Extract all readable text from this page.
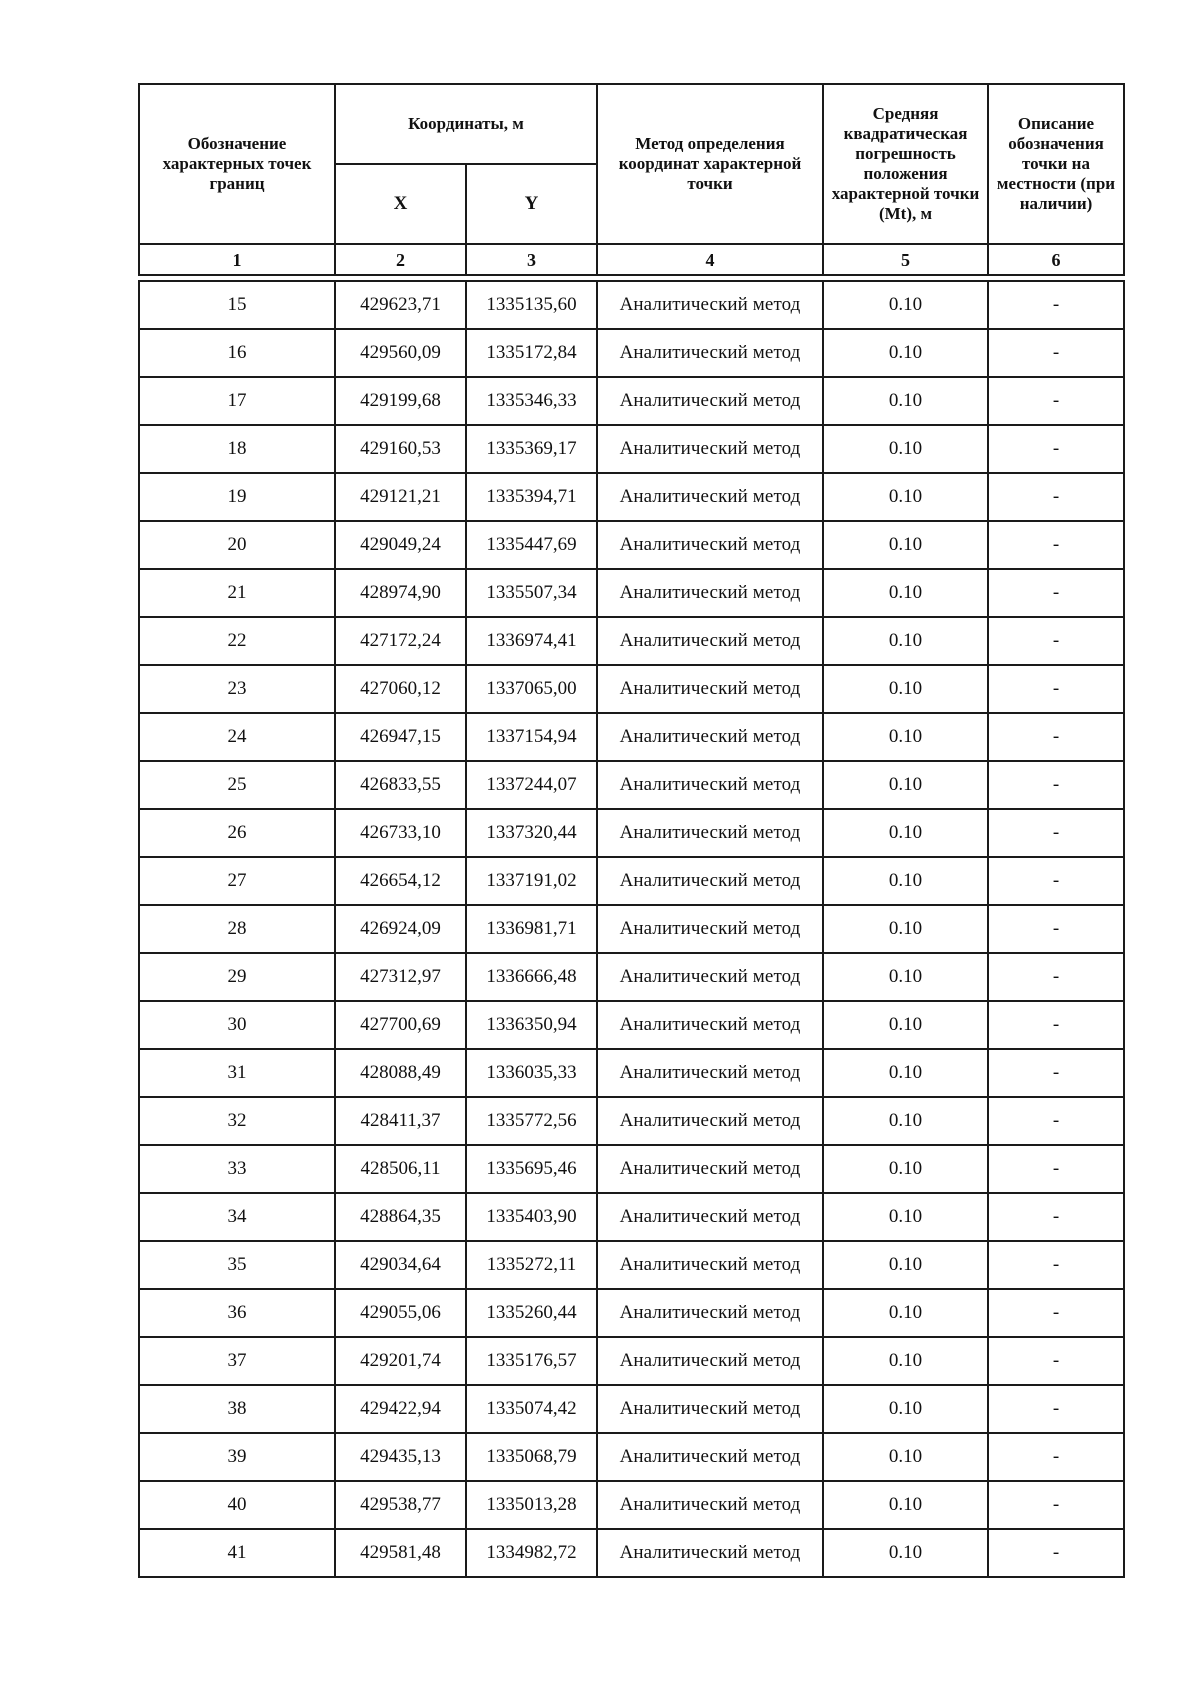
Обозначение характерных точек границ	Координаты, м		Метод определения координат характерной точки	Средняя квадратическая погрешность положения характерной точки (Mt), м	Описание обозначения точки на местности (при наличии)
	X	Y			
1	2	3	4	5	6

15	429623,71	1335135,60	Аналитический метод	0.10	-
16	429560,09	1335172,84	Аналитический метод	0.10	-
17	429199,68	1335346,33	Аналитический метод	0.10	-
18	429160,53	1335369,17	Аналитический метод	0.10	-
19	429121,21	1335394,71	Аналитический метод	0.10	-
20	429049,24	1335447,69	Аналитический метод	0.10	-
21	428974,90	1335507,34	Аналитический метод	0.10	-
22	427172,24	1336974,41	Аналитический метод	0.10	-
23	427060,12	1337065,00	Аналитический метод	0.10	-
24	426947,15	1337154,94	Аналитический метод	0.10	-
25	426833,55	1337244,07	Аналитический метод	0.10	-
26	426733,10	1337320,44	Аналитический метод	0.10	-
27	426654,12	1337191,02	Аналитический метод	0.10	-
28	426924,09	1336981,71	Аналитический метод	0.10	-
29	427312,97	1336666,48	Аналитический метод	0.10	-
30	427700,69	1336350,94	Аналитический метод	0.10	-
31	428088,49	1336035,33	Аналитический метод	0.10	-
32	428411,37	1335772,56	Аналитический метод	0.10	-
33	428506,11	1335695,46	Аналитический метод	0.10	-
34	428864,35	1335403,90	Аналитический метод	0.10	-
35	429034,64	1335272,11	Аналитический метод	0.10	-
36	429055,06	1335260,44	Аналитический метод	0.10	-
37	429201,74	1335176,57	Аналитический метод	0.10	-
38	429422,94	1335074,42	Аналитический метод	0.10	-
39	429435,13	1335068,79	Аналитический метод	0.10	-
40	429538,77	1335013,28	Аналитический метод	0.10	-
41	429581,48	1334982,72	Аналитический метод	0.10	-
